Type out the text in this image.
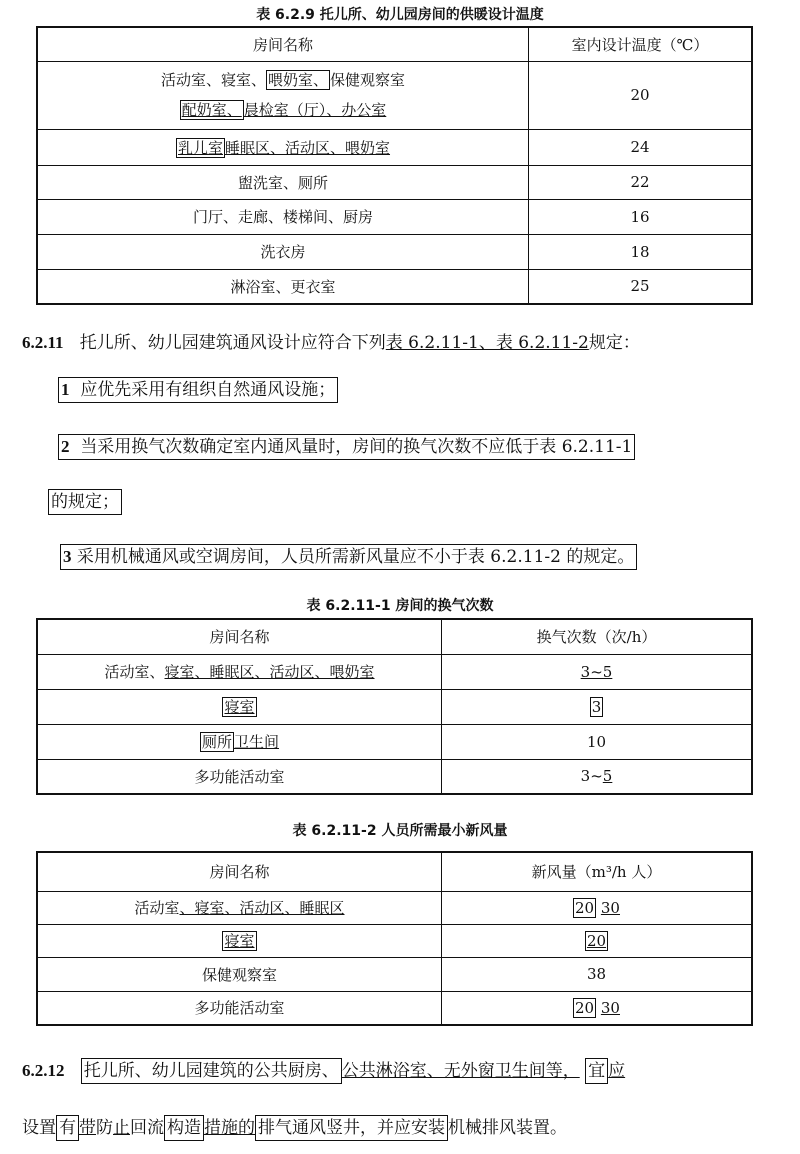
表 6.2.9 托儿所、幼儿园房间的供暖设计温度
房间名称	室内设计温度（℃）

活动室、寝室、 喂奶室、 保健观察室
配奶室、 晨检室（厅）、办公室	20
乳儿室 睡眠区、活动区、喂奶室	24
盥洗室、厕所	22
门厅、走廊、楼梯间、厨房	16
洗衣房	18
淋浴室、更衣室	25
6.2.11 托儿所、幼儿园建筑通风设计应符合下列表 6.2.11-1、表 6.2.11-2规定：
1 应优先采用有组织自然通风设施；
2 当采用换气次数确定室内通风量时，房间的换气次数不应低于表 6.2.11-1
的规定；
3 采用机械通风或空调房间，人员所需新风量应不小于表 6.2.11-2 的规定。
表 6.2.11-1 房间的换气次数
房间名称	换气次数（次/h）
活动室、寝室、睡眠区、活动区、喂奶室	3~5
寝室	3
厕所 卫生间	10
多功能活动室	3~5
表 6.2.11-2 人员所需最小新风量
房间名称	新风量（m³/h 人）
活动室、寝室、活动区、睡眠区	20 30
寝室	20
保健观察室	38
多功能活动室	20 30
6.2.12 托儿所、幼儿园建筑的公共厨房、 公共淋浴室、无外窗卫生间等， 宜 应
设置 有 带防止回流 构造 措施的 排气通风竖井，并应安装 机械排风装置。
